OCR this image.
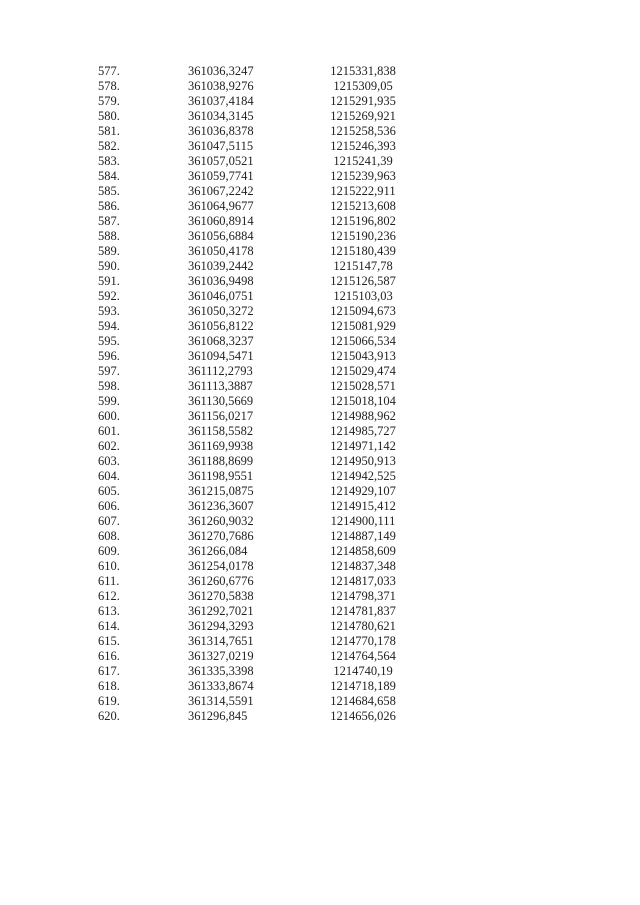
577.	361036,3247	1215331,838
578.	361038,9276	1215309,05
579.	361037,4184	1215291,935
580.	361034,3145	1215269,921
581.	361036,8378	1215258,536
582.	361047,5115	1215246,393
583.	361057,0521	1215241,39
584.	361059,7741	1215239,963
585.	361067,2242	1215222,911
586.	361064,9677	1215213,608
587.	361060,8914	1215196,802
588.	361056,6884	1215190,236
589.	361050,4178	1215180,439
590.	361039,2442	1215147,78
591.	361036,9498	1215126,587
592.	361046,0751	1215103,03
593.	361050,3272	1215094,673
594.	361056,8122	1215081,929
595.	361068,3237	1215066,534
596.	361094,5471	1215043,913
597.	361112,2793	1215029,474
598.	361113,3887	1215028,571
599.	361130,5669	1215018,104
600.	361156,0217	1214988,962
601.	361158,5582	1214985,727
602.	361169,9938	1214971,142
603.	361188,8699	1214950,913
604.	361198,9551	1214942,525
605.	361215,0875	1214929,107
606.	361236,3607	1214915,412
607.	361260,9032	1214900,111
608.	361270,7686	1214887,149
609.	361266,084	1214858,609
610.	361254,0178	1214837,348
611.	361260,6776	1214817,033
612.	361270,5838	1214798,371
613.	361292,7021	1214781,837
614.	361294,3293	1214780,621
615.	361314,7651	1214770,178
616.	361327,0219	1214764,564
617.	361335,3398	1214740,19
618.	361333,8674	1214718,189
619.	361314,5591	1214684,658
620.	361296,845	1214656,026
